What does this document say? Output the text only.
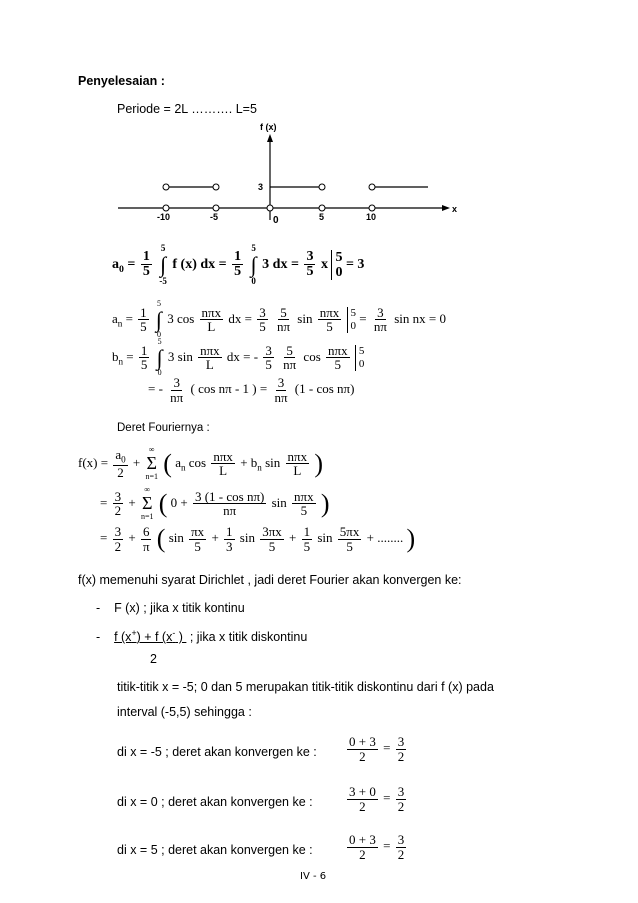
Penyelesaian :
Periode = 2L ………. L=5
f (x)
x
3
-10	-5	0	5	10
$a_0 = \frac{1}{5}$

5
∫
-5
f (x) dx = $\frac{1}{5}$

5
∫
0
3 dx = $\frac{3}{5}$ x
5
0
= 3
$a_n = \frac{1}{5}$

5
∫
0
3 $\cos \frac{\text{nπx}}{L}$ dx = $\frac{3}{5}$
$\frac{5}{n\pi}$ $\sin \frac{\text{nπx}}{5}$
5
0
= $\frac{3}{n\pi}$ sin nx = 0
$b_n = \frac{1}{5}$

5
∫
0
3 $\sin \frac{\text{nπx}}{L}$ dx = - $\frac{3}{5}$
$\frac{5}{n\pi}$ $\cos \frac{\text{nπx}}{5}$
5
0
= - $\frac{3}{n\pi}$ ( cos nπ - 1 ) = $\frac{3}{n\pi} (1$ - cos nπ)
Deret Fouriernya :
$f(x) = \frac{a_0}{2}$ +
∞
Σ
n=1 ( $a_n$ $\cos \frac{\text{nπx}}{L} + b_n$ $\sin \frac{\text{nπx}}{L}$ )
= $\frac{3}{2}$ +
∞
Σ
n=1 ( $0 + \frac{\text{3 (1 - cos nπ)}}{n\pi}$ $\sin \frac{\text{nπx}}{5}$ )
= $\frac{3}{2} + \frac{6}{\pi}$ ( $\sin \frac{\pi x}{5} + \frac{1}{3}$ $\sin \frac{3\pi x}{5} + \frac{1}{5}$ $\sin \frac{5\pi x}{5}$ + ........ )
f(x) memenuhi syarat Dirichlet , jadi deret Fourier akan konvergen ke:
- F (x) ; jika x titik kontinu
- f (x+) + f (x- )  ; jika x titik diskontinu
2
titik-titik x = -5; 0 dan 5 merupakan titik-titik diskontinu dari f (x) pada
interval (-5,5) sehingga :
di x = -5 ; deret akan konvergen ke : $\frac{0 + 3}{2} = \frac{3}{2}$
di x = 0 ; deret akan konvergen ke :	$\frac{3 + 0}{2} = \frac{3}{2}$
di x = 5 ; deret akan konvergen ke :	$\frac{0 + 3}{2} = \frac{3}{2}$
IV - 6
